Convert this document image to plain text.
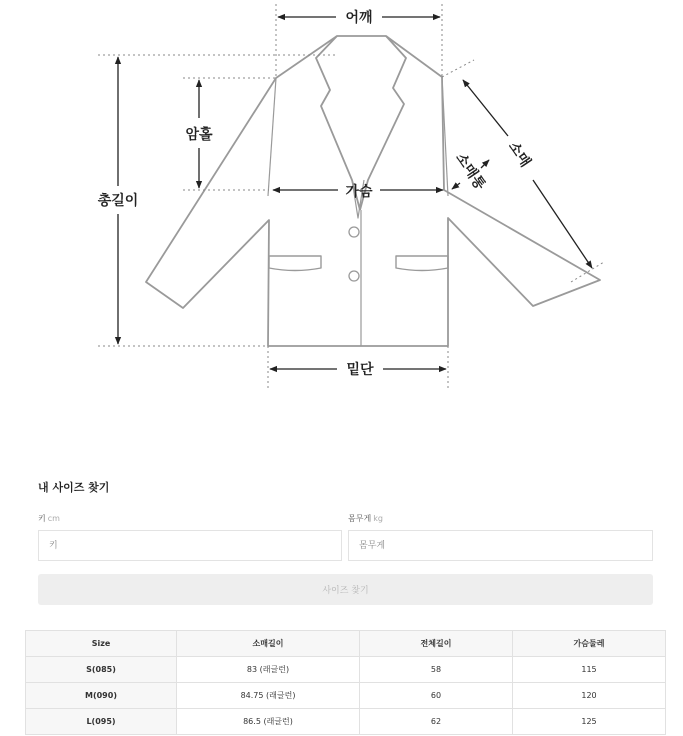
어깨
암홀
총길이
가슴
밑단
소매
소매통
내 사이즈 찾기
키 cm
키	몸무게 kg
몸무게
사이즈 찾기
Size	소매길이	전체길이	가슴둘레
S(085)	83 (래글런)	58	115
M(090)	84.75 (래글런)	60	120
L(095)	86.5 (래글런)	62	125
